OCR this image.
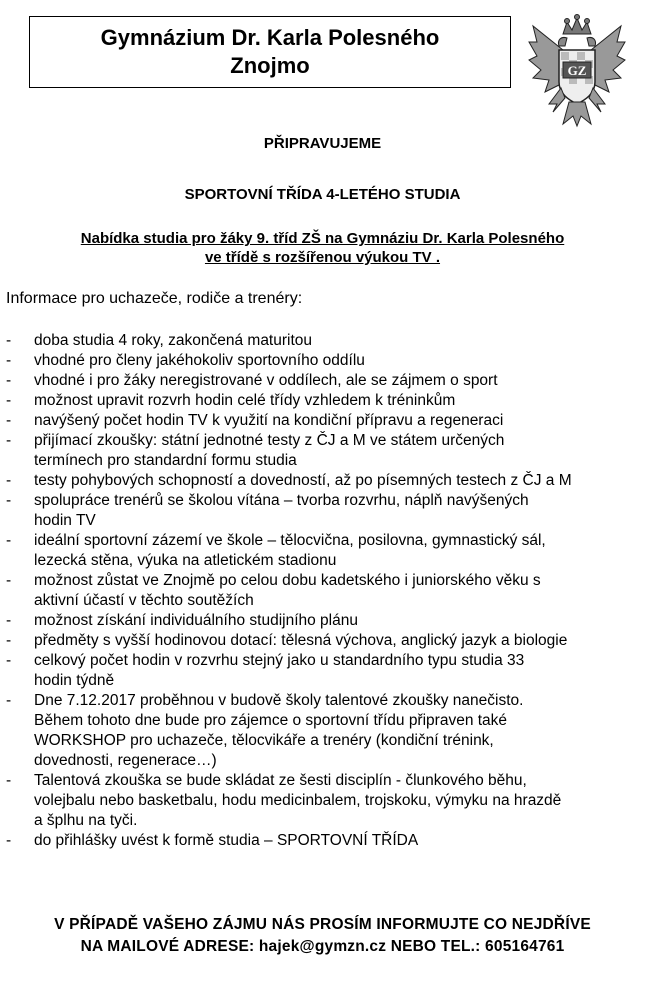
Gymnázium Dr. Karla Polesného
Znojmo	GZ
PŘIPRAVUJEME
SPORTOVNÍ TŘÍDA 4-LETÉHO STUDIA
Nabídka studia pro žáky 9. tříd ZŠ na Gymnáziu Dr. Karla Polesného
ve třídě s rozšířenou výukou TV .
Informace pro uchazeče, rodiče a trenéry:
- doba studia 4 roky, zakončená maturitou
- vhodné pro členy jakéhokoliv sportovního oddílu
- vhodné i pro žáky neregistrované v oddílech, ale se zájmem o sport
- možnost upravit rozvrh hodin celé třídy vzhledem k tréninkům
- navýšený počet hodin TV k využití na kondiční přípravu a regeneraci
- přijímací zkoušky: státní jednotné testy z ČJ a M ve státem určených
termínech pro standardní formu studia
- testy pohybových schopností a dovedností, až po písemných testech z ČJ a M
- spolupráce trenérů se školou vítána – tvorba rozvrhu, náplň navýšených
hodin TV
- ideální sportovní zázemí ve škole – tělocvična, posilovna, gymnastický sál,
lezecká stěna, výuka na atletickém stadionu
- možnost zůstat ve Znojmě po celou dobu kadetského i juniorského věku s
aktivní účastí v těchto soutěžích
- možnost získání individuálního studijního plánu
- předměty s vyšší hodinovou dotací: tělesná výchova, anglický jazyk a biologie
- celkový počet hodin v rozvrhu stejný jako u standardního typu studia 33
hodin týdně
- Dne 7.12.2017 proběhnou v budově školy talentové zkoušky nanečisto.
Během tohoto dne bude pro zájemce o sportovní třídu připraven také
WORKSHOP pro uchazeče, tělocvikáře a trenéry (kondiční trénink,
dovednosti, regenerace…)
- Talentová zkouška se bude skládat ze šesti disciplín - člunkového běhu,
volejbalu nebo basketbalu, hodu medicinbalem, trojskoku, výmyku na hrazdě
a šplhu na tyči.
- do přihlášky uvést k formě studia – SPORTOVNÍ TŘÍDA
V PŘÍPADĚ VAŠEHO ZÁJMU NÁS PROSÍM INFORMUJTE CO NEJDŘÍVE
NA MAILOVÉ ADRESE: hajek@gymzn.cz NEBO TEL.: 605164761
